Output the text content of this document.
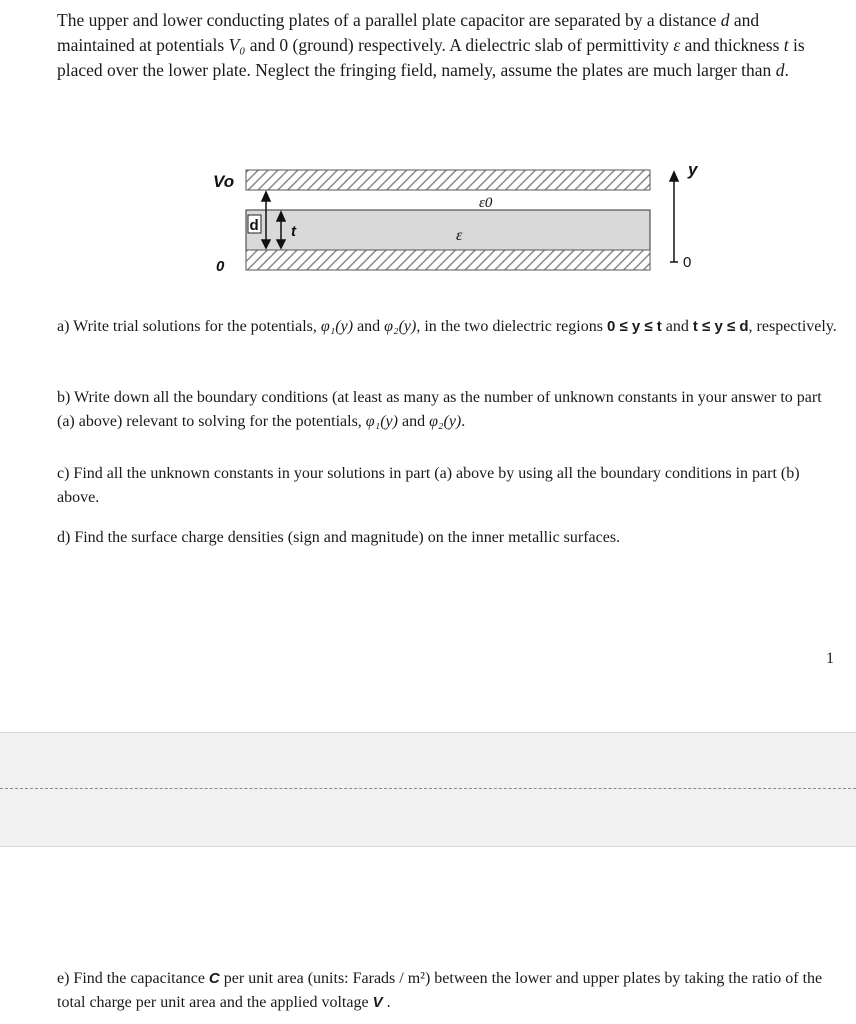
The upper and lower conducting plates of a parallel plate capacitor are separated by a distance d and maintained at potentials V₀ and 0 (ground) respectively. A dielectric slab of permittivity ε and thickness t is placed over the lower plate. Neglect the fringing field, namely, assume the plates are much larger than d.
Vo
0
d t
ε0
ε
y
0
a) Write trial solutions for the potentials, φ₁(y) and φ₂(y), in the two dielectric regions 0 ≤ y ≤ t and t ≤ y ≤ d, respectively.
b) Write down all the boundary conditions (at least as many as the number of unknown constants in your answer to part (a) above) relevant to solving for the potentials, φ₁(y) and φ₂(y).
c) Find all the unknown constants in your solutions in part (a) above by using all the boundary conditions in part (b) above.
d) Find the surface charge densities (sign and magnitude) on the inner metallic surfaces.
1
e) Find the capacitance C per unit area (units: Farads / m²) between the lower and upper plates by taking the ratio of the total charge per unit area and the applied voltage V .
